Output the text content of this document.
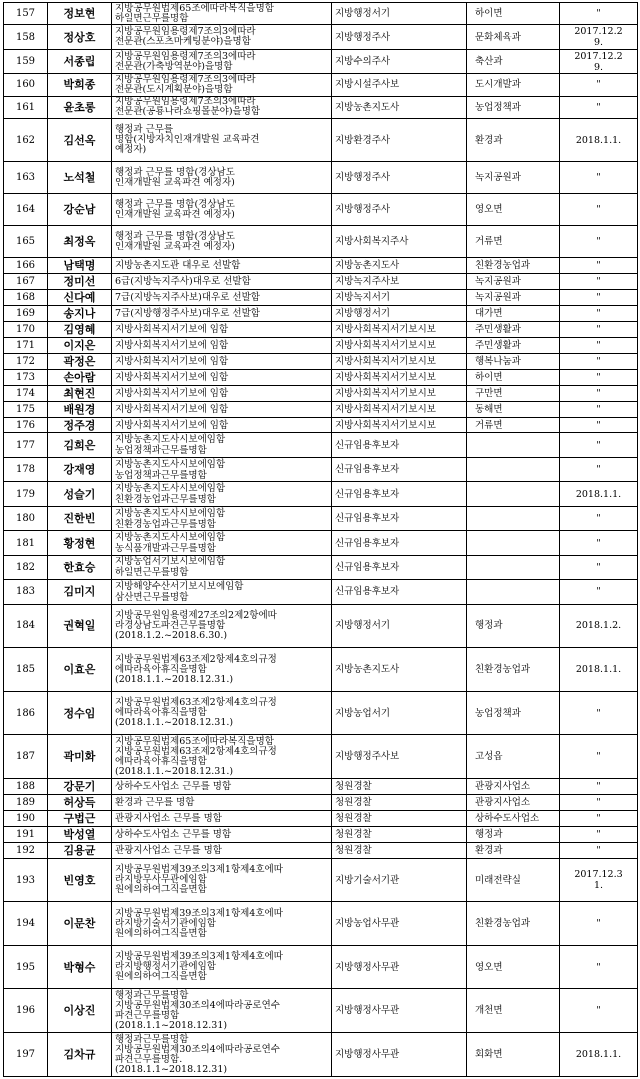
157	정보현	지방공무원법제65조에따라복직을명함
하일면근무를명함	지방행정서기	하이면	"
158	정상호	지방공무원임용령제7조의3에따라
전문관(스포츠마케팅분야)을명함	지방행정주사	문화체육과	2017.12.2
9.
159	서종립	지방공무원임용령제7조의3에따라
전문관(가축방역분야)을명함	지방수의주사	축산과	2017.12.2
9.
160	박희종	지방공무원임용령제7조의3에따라
전문관(도시계획분야)을명함	지방시설주사보	도시개발과	"
161	윤초롱	지방공무원임용령제7조의3에따라
전문관(공룡나라쇼핑몰분야)을명함	지방농촌지도사	농업정책과	"
162	김선옥	행정과 근무를
명함(지방자치인재개발원 교육파견
예정자)	지방환경주사	환경과	2018.1.1.
163	노석철	행정과 근무를 명함(경상남도
인재개발원 교육파견 예정자)	지방행정주사	녹지공원과	"
164	강순남	행정과 근무를 명함(경상남도
인재개발원 교육파견 예정자)	지방행정주사	영오면	"
165	최정옥	행정과 근무를 명함(경상남도
인재개발원 교육파견 예정자)	지방사회복지주사	거류면	"
166	남택명	지방농촌지도관 대우로 선발함	지방농촌지도사	친환경농업과	"
167	정미선	6급(지방녹지주사)대우로 선발함	지방녹지주사보	녹지공원과	"
168	신다예	7급(지방녹지주사보)대우로 선발함	지방녹지서기	녹지공원과	"
169	송지나	7급(지방행정주사보)대우로 선발함	지방행정서기	대가면	"
170	김영혜	지방사회복지서기보에 임함	지방사회복지서기보시보	주민생활과	"
171	이지은	지방사회복지서기보에 임함	지방사회복지서기보시보	주민생활과	"
172	곽정은	지방사회복지서기보에 임함	지방사회복지서기보시보	행복나눔과	"
173	손아람	지방사회복지서기보에 임함	지방사회복지서기보시보	하이면	"
174	최현진	지방사회복지서기보에 임함	지방사회복지서기보시보	구만면	"
175	배원경	지방사회복지서기보에 임함	지방사회복지서기보시보	동해면	"
176	정주경	지방사회복지서기보에 임함	지방사회복지서기보시보	거류면	"
177	김희은	지방농촌지도사시보에임함
농업정책과근무를명함	신규임용후보자		"
178	강재영	지방농촌지도사시보에임함
농업정책과근무를명함	신규임용후보자		"
179	성슬기	지방농촌지도사시보에임함
친환경농업과근무를명함	신규임용후보자		2018.1.1.
180	진한빈	지방농촌지도사시보에임함
친환경농업과근무를명함	신규임용후보자		"
181	황정현	지방농촌지도사시보에임함
농식품개발과근무를명함	신규임용후보자		"
182	한효승	지방농업서기보시보에임함
하일면근무를명함	신규임용후보자		"
183	김미지	지방해양수산서기보시보에임함
삼산면근무를명함	신규임용후보자		"
184	권혁일	지방공무원임용령제27조의2제2항에따
라경상남도파견근무를명함
(2018.1.2.~2018.6.30.)	지방행정서기	행정과	2018.1.2.
185	이효은	지방공무원법제63조제2항제4호의규정
에따라육아휴직을명함
(2018.1.1.~2018.12.31.)	지방농촌지도사	친환경농업과	2018.1.1.
186	정수임	지방공무원법제63조제2항제4호의규정
에따라육아휴직을명함
(2018.1.1.~2018.12.31.)	지방농업서기	농업정책과	"
187	곽미화	지방공무원법제65조에따라복직을명함
지방공무원법제63조제2항제4호의규정
에따라육아휴직을명함
(2018.1.1.~2018.12.31.)	지방행정주사보	고성읍	"
188	강문기	상하수도사업소 근무를 명함	청원경찰	관광지사업소	"
189	허상득	환경과 근무를 명함	청원경찰	관광지사업소	"
190	구법근	관광지사업소 근무를 명함	청원경찰	상하수도사업소	"
191	박성열	상하수도사업소 근무를 명함	청원경찰	행정과	"
192	김용균	관광지사업소 근무를 명함	청원경찰	환경과	"
193	빈영호	지방공무원법제39조의3제1항제4호에따
라지방무사무관에임함
원에의하여그직을면함	지방기술서기관	미래전략실	2017.12.3
1.
194	이문찬	지방공무원법제39조의3제1항제4호에따
라지방기술서기관에임함
원에의하여그직을면함	지방농업사무관	친환경농업과	"
195	박형수	지방공무원법제39조의3제1항제4호에따
라지방행정서기관에임함
원에의하여그직을면함	지방행정사무관	영오면	"
196	이상진	행정과근무를명함
지방공무원법제30조의4에따라공로연수
파견근무를명함
(2018.1.1~2018.12.31)	지방행정사무관	개천면	"
197	김차규	행정과근무를명함
지방공무원법제30조의4에따라공로연수
파견근무를명함.
(2018.1.1~2018.12.31)	지방행정사무관	회화면	2018.1.1.
